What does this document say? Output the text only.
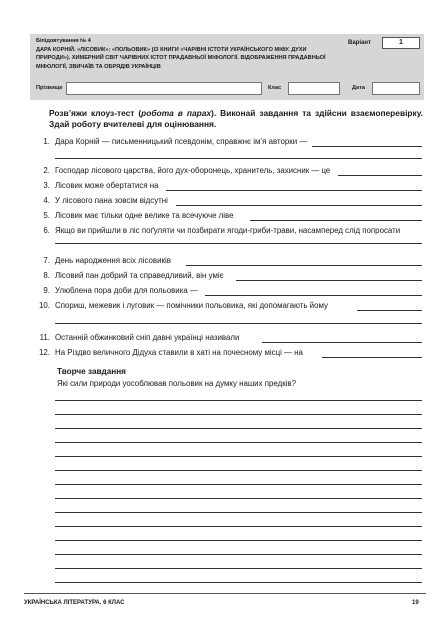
Біпідовтування № 4
ДАРА КОРНІЙ. «ЛІСОВИК»; «ПОЛЬОВИК» (ІЗ КНИГИ «ЧАРІВНІ ІСТОТИ УКРАЇНСЬКОГО МІФУ. ДУХИ ПРИРОДИ»). ХИМЕРНИЙ СВІТ ЧАРІВНИХ ІСТОТ ПРАДАВНЬОЇ МІФОЛОГІЇ. ВІДОБРАЖЕННЯ ПРАДАВНЬОЇ МІФОЛОГІЇ, ЗВИЧАЇВ ТА ОБРЯДІВ УКРАЇНЦІВ
Варіант	1
Прізвище	Клас	Дата
Розв’яжи клоуз-тест (робота в парах). Виконай завдання та здійсни взаємоперевірку. Здай роботу вчителеві для оцінювання.
1. Дара Корній — письменницький псевдонім, справжнє ім’я авторки —
2. Господар лісового царства, його дух-оборонець, хранитель, захисник — це
3. Лісовик може обертатися на
4. У лісового пана зовсім відсутні
5. Лісовик має тільки одне велике та всечуюче ліве
6. Якщо ви прийшли в ліс поґуляти чи позбирати ягоди-гриби-трави, насамперед слід попросати
7. День народження всіх лісовиків
8. Лісовий пан добрий та справедливий, він уміє
9. Улюблена пора доби для польовика —
10. Спориш, межевик і луговик — помічники польовика, які допомагають йому
11. Останній обжинковий сніп давні українці називали
12. На Різдво величного Дідуха ставили в хаті на почесному місці — на
Творче завдання
Які сили природи уособлював польовик на думку наших предків?
УКРАЇНСЬКА ЛІТЕРАТУРА. 6 КЛАС	19
